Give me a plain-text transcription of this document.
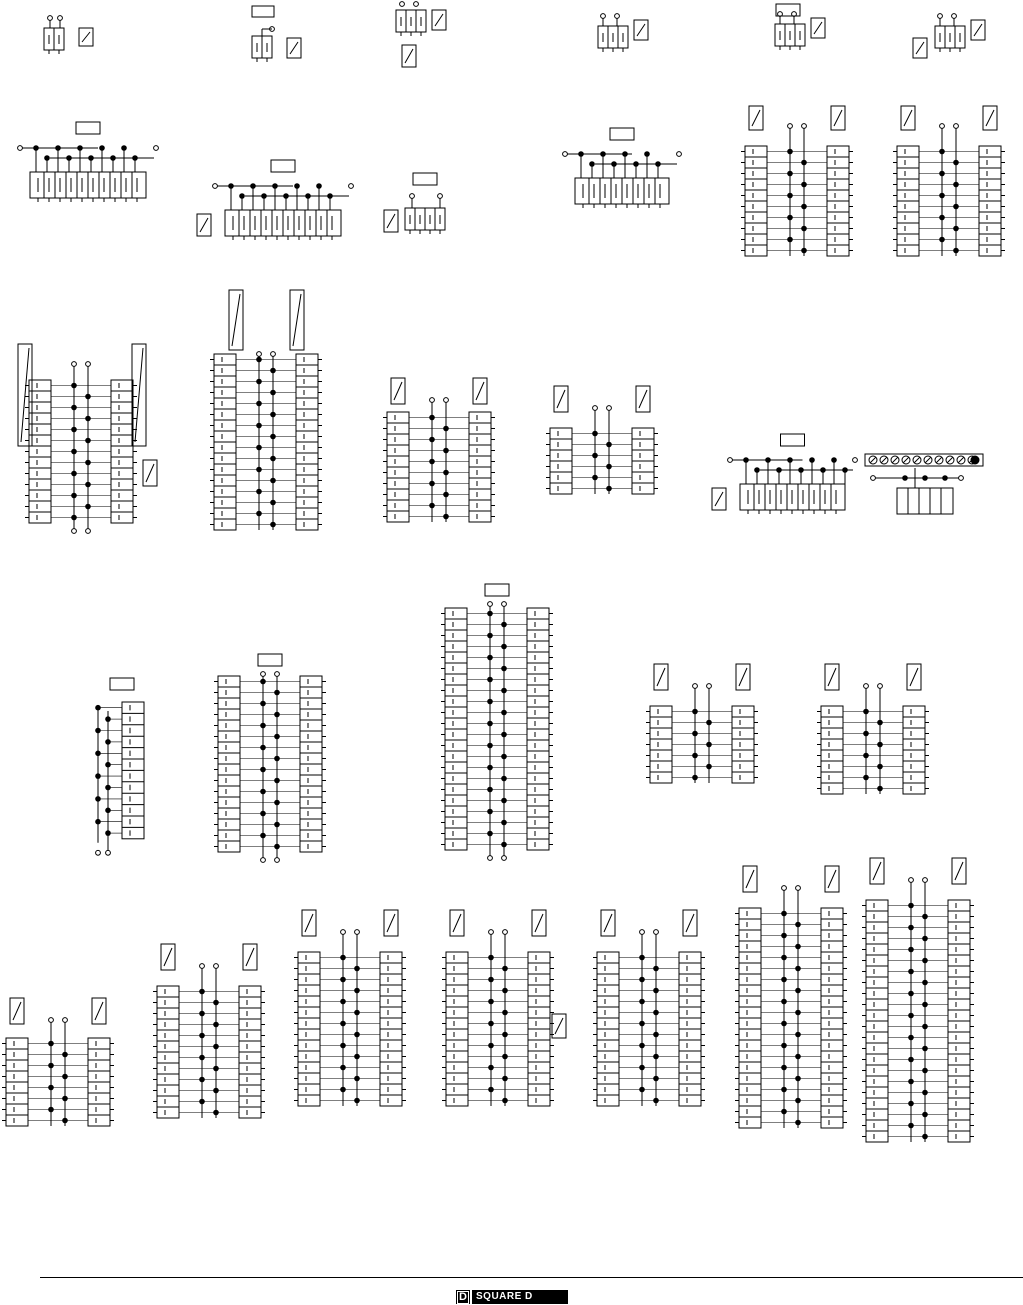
D SQUARE D
